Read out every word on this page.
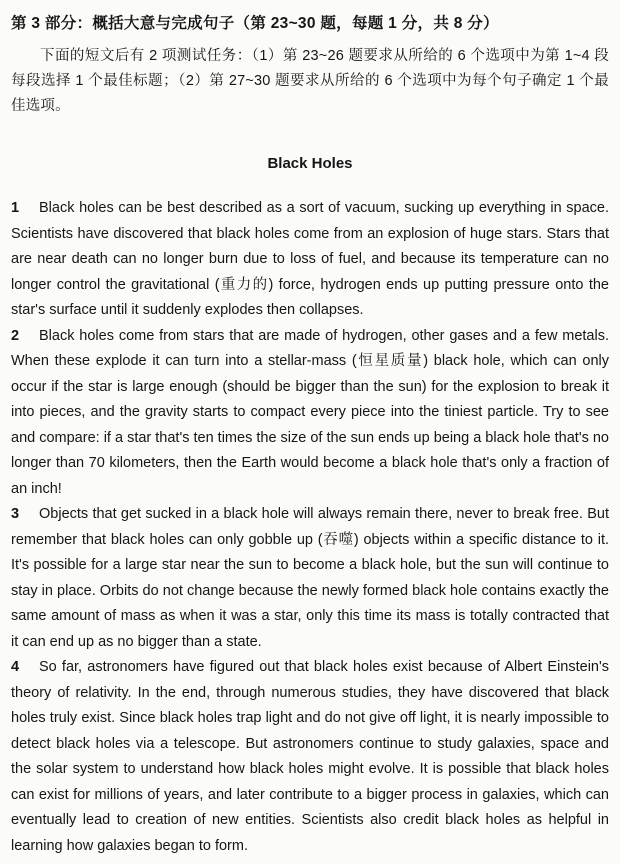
第 3 部分：概括大意与完成句子（第 23~30 题，每题 1 分，共 8 分）

下面的短文后有 2 项测试任务：（1）第 23~26 题要求从所给的 6 个选项中为第 1~4 段每段选择 1 个最佳标题；（2）第 27~30 题要求从所给的 6 个选项中为每个句子确定 1 个最佳选项。

Black Holes

1 Black holes can be best described as a sort of vacuum, sucking up everything in space. Scientists have discovered that black holes come from an explosion of huge stars. Stars that are near death can no longer burn due to loss of fuel, and because its temperature can no longer control the gravitational (重力的) force, hydrogen ends up putting pressure onto the star's surface until it suddenly explodes then collapses.

2 Black holes come from stars that are made of hydrogen, other gases and a few metals. When these explode it can turn into a stellar-mass (恒星质量) black hole, which can only occur if the star is large enough (should be bigger than the sun) for the explosion to break it into pieces, and the gravity starts to compact every piece into the tiniest particle. Try to see and compare: if a star that's ten times the size of the sun ends up being a black hole that's no longer than 70 kilometers, then the Earth would become a black hole that's only a fraction of an inch!

3 Objects that get sucked in a black hole will always remain there, never to break free. But remember that black holes can only gobble up (吞噬) objects within a specific distance to it. It's possible for a large star near the sun to become a black hole, but the sun will continue to stay in place. Orbits do not change because the newly formed black hole contains exactly the same amount of mass as when it was a star, only this time its mass is totally contracted that it can end up as no bigger than a state.

4 So far, astronomers have figured out that black holes exist because of Albert Einstein's theory of relativity. In the end, through numerous studies, they have discovered that black holes truly exist. Since black holes trap light and do not give off light, it is nearly impossible to detect black holes via a telescope. But astronomers continue to study galaxies, space and the solar system to understand how black holes might evolve. It is possible that black holes can exist for millions of years, and later contribute to a bigger process in galaxies, which can eventually lead to creation of new entities. Scientists also credit black holes as helpful in learning how galaxies began to form.
